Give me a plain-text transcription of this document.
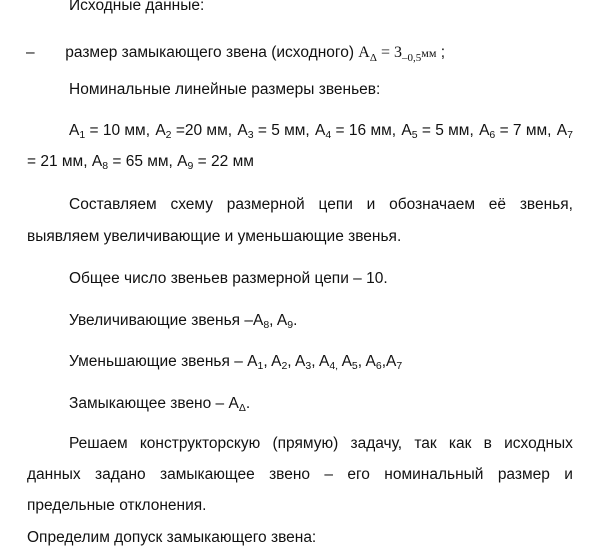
Исходные данные:
– размер замыкающего звена (исходного) $A_\Delta = 3_{-0,5}мм$ ;
Номинальные линейные размеры звеньев:
$A_1 = 10$ мм, $A_2 =20$ мм, $A_3 = 5$ мм, $A_4 = 16$ мм, $A_5 = 5$ мм, $A_6 = 7$ мм, $A_7$
= 21 мм, $A_8 = 65$ мм, $A_9 = 22$ мм
Составляем схему размерной цепи и обозначаем её звенья,
выявляем увеличивающие и уменьшающие звенья.
Общее число звеньев размерной цепи – 10.
Увеличивающие звенья $-A_8$, $A_9$.
Уменьшающие звенья – $A_1$, $A_2$, $A_3$, $A_{4,}$ $A_5$, $A_6,A_7$
Замыкающее звено – $A_\Delta$.
Решаем конструкторскую (прямую) задачу, так как в исходных
данных задано замыкающее звено – его номинальный размер и
предельные отклонения.
Определим допуск замыкающего звена:
